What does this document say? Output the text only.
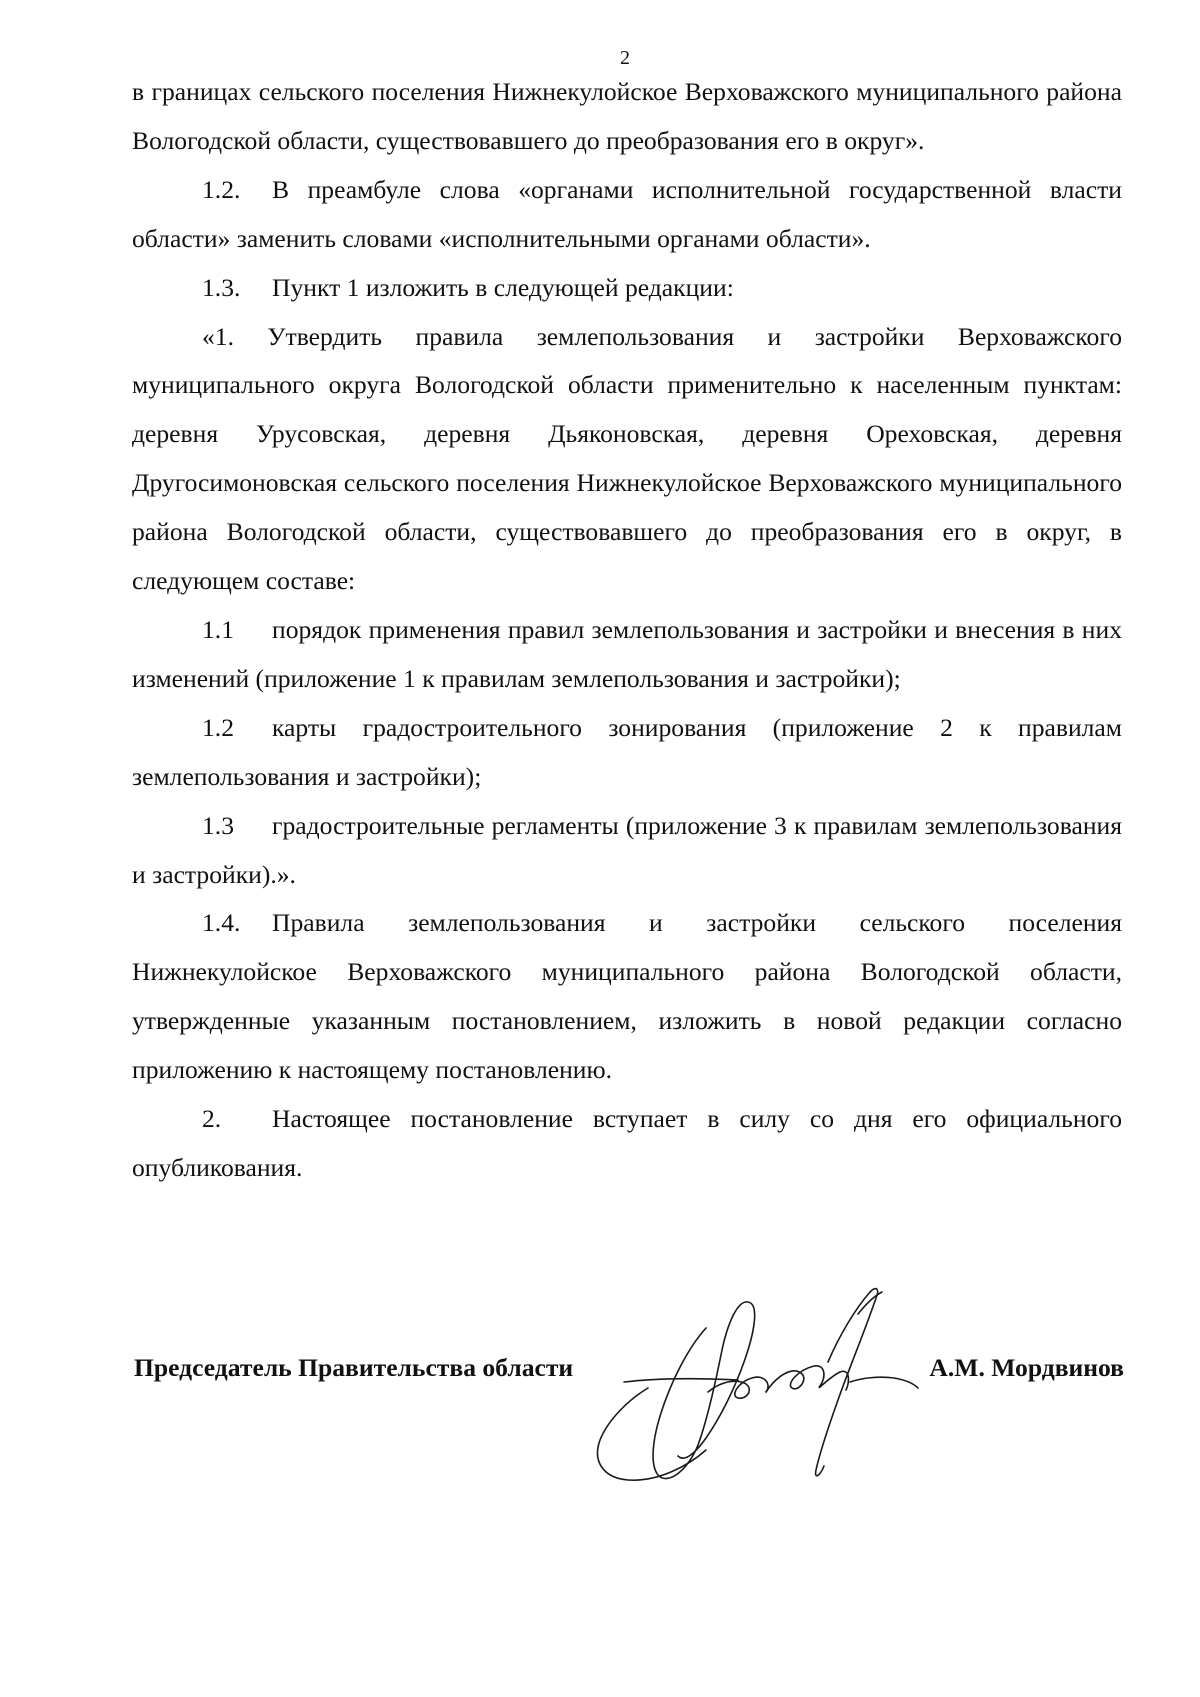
2

в границах сельского поселения Нижнекулойское Верховажского муниципального района Вологодской области, существовавшего до преобразования его в округ».

1.2. В преамбуле слова «органами исполнительной государственной власти области» заменить словами «исполнительными органами области».

1.3. Пункт 1 изложить в следующей редакции:

«1. Утвердить правила землепользования и застройки Верховажского муниципального округа Вологодской области применительно к населенным пунктам: деревня Урусовская, деревня Дьяконовская, деревня Ореховская, деревня Другосимоновская сельского поселения Нижнекулойское Верховажского муниципального района Вологодской области, существовавшего до преобразования его в округ, в следующем составе:

1.1 порядок применения правил землепользования и застройки и внесения в них изменений (приложение 1 к правилам землепользования и застройки);

1.2 карты градостроительного зонирования (приложение 2 к правилам землепользования и застройки);

1.3 градостроительные регламенты (приложение 3 к правилам землепользования и застройки).».

1.4. Правила землепользования и застройки сельского поселения Нижнекулойское Верховажского муниципального района Вологодской области, утвержденные указанным постановлением, изложить в новой редакции согласно приложению к настоящему постановлению.

2. Настоящее постановление вступает в силу со дня его официального опубликования.

Председатель Правительства области	А.М. Мордвинов
